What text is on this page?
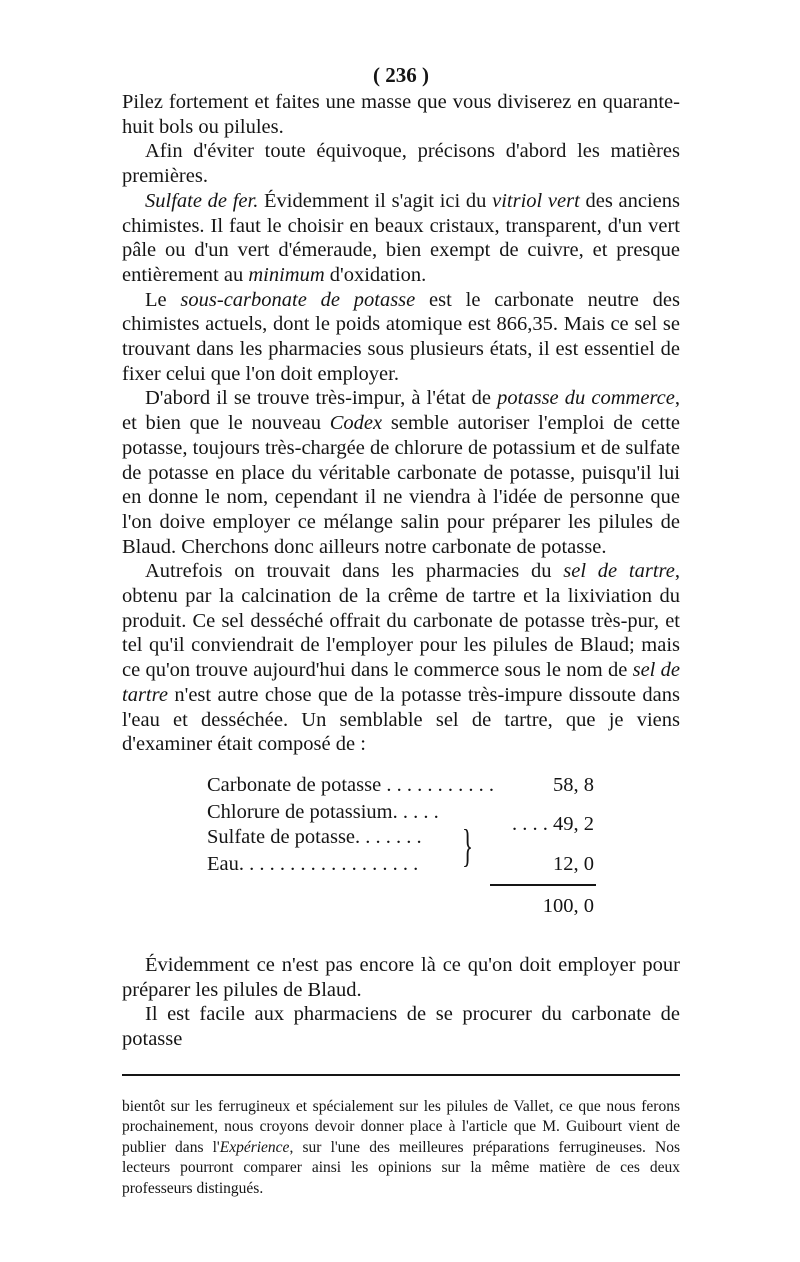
( 236 )

Pilez fortement et faites une masse que vous diviserez en quarante-huit bols ou pilules.

Afin d'éviter toute équivoque, précisons d'abord les matières premières.

Sulfate de fer. Évidemment il s'agit ici du vitriol vert des anciens chimistes. Il faut le choisir en beaux cristaux, transparent, d'un vert pâle ou d'un vert d'émeraude, bien exempt de cuivre, et presque entièrement au minimum d'oxidation.

Le sous-carbonate de potasse est le carbonate neutre des chimistes actuels, dont le poids atomique est 866,35. Mais ce sel se trouvant dans les pharmacies sous plusieurs états, il est essentiel de fixer celui que l'on doit employer.

D'abord il se trouve très-impur, à l'état de potasse du commerce, et bien que le nouveau Codex semble autoriser l'emploi de cette potasse, toujours très-chargée de chlorure de potassium et de sulfate de potasse en place du véritable carbonate de potasse, puisqu'il lui en donne le nom, cependant il ne viendra à l'idée de personne que l'on doive employer ce mélange salin pour préparer les pilules de Blaud. Cherchons donc ailleurs notre carbonate de potasse.

Autrefois on trouvait dans les pharmacies du sel de tartre, obtenu par la calcination de la crême de tartre et la lixiviation du produit. Ce sel desséché offrait du carbonate de potasse très-pur, et tel qu'il conviendrait de l'employer pour les pilules de Blaud; mais ce qu'on trouve aujourd'hui dans le commerce sous le nom de sel de tartre n'est autre chose que de la potasse très-impure dissoute dans l'eau et desséchée. Un semblable sel de tartre, que je viens d'examiner était composé de :

Carbonate de potasse . . . . . . . . . . .	58, 8
Chlorure de potassium. . . . .
Sulfate de potasse. . . . . . . } . . . . 49, 2
Eau. . . . . . . . . . . . . . . . . .	12, 0
100, 0

Évidemment ce n'est pas encore là ce qu'on doit employer pour préparer les pilules de Blaud.

Il est facile aux pharmaciens de se procurer du carbonate de potasse

bientôt sur les ferrugineux et spécialement sur les pilules de Vallet, ce que nous ferons prochainement, nous croyons devoir donner place à l'article que M. Guibourt vient de publier dans l'Expérience, sur l'une des meilleures préparations ferrugineuses. Nos lecteurs pourront comparer ainsi les opinions sur la même matière de ces deux professeurs distingués.
